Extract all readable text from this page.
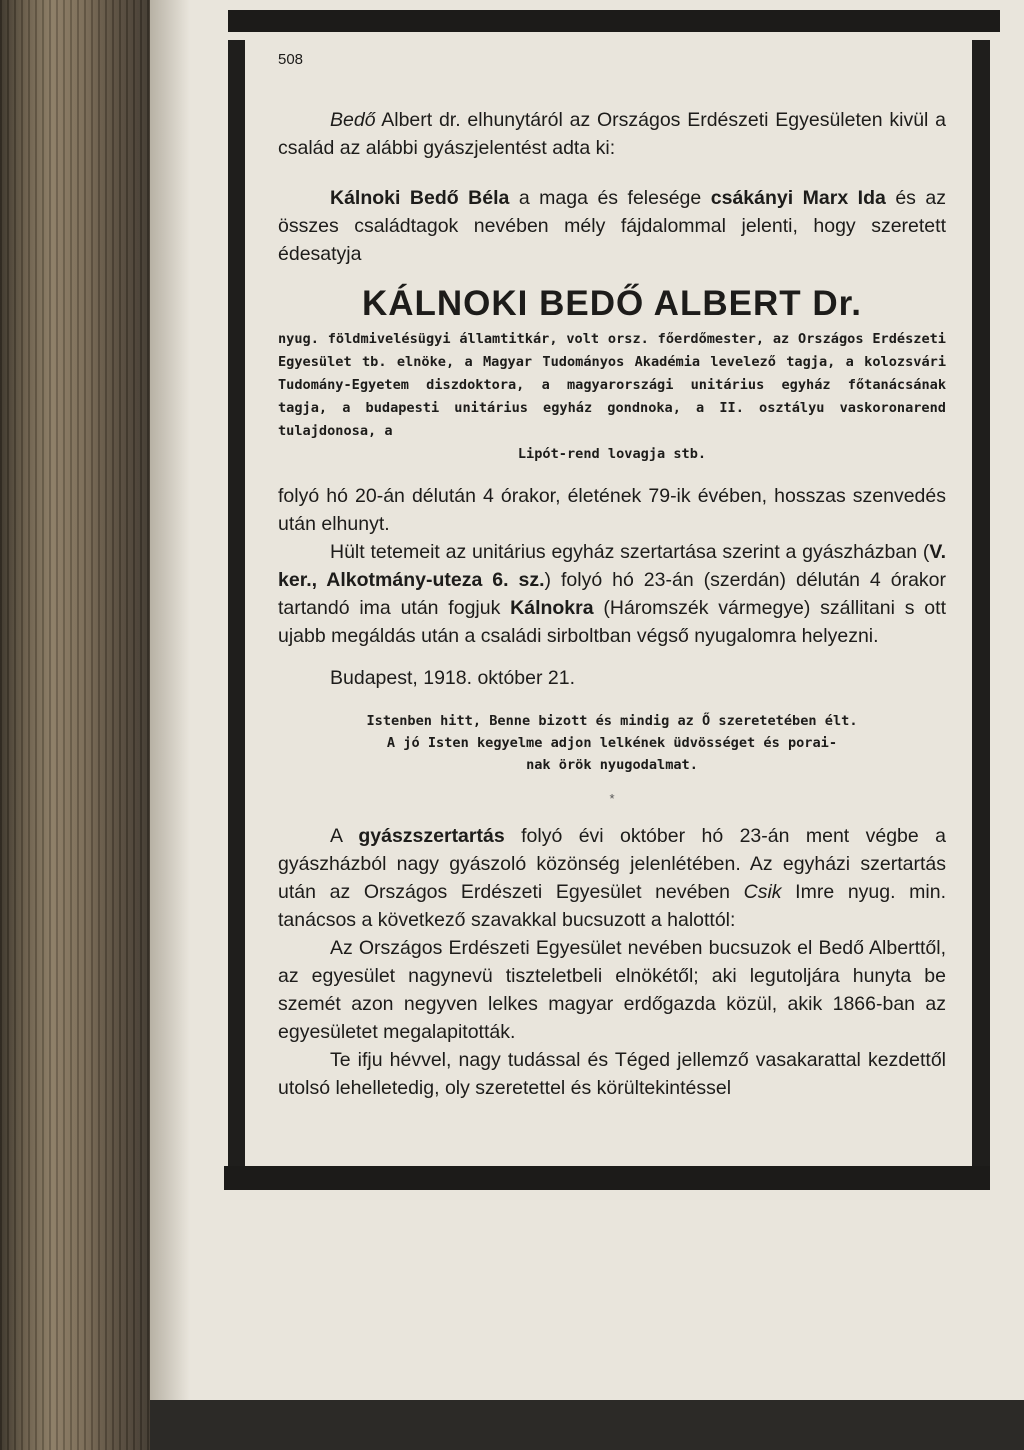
508

Bedő Albert dr. elhunytáról az Országos Erdészeti Egyesületen kivül a család az alábbi gyászjelentést adta ki:

Kálnoki Bedő Béla a maga és felesége csákányi Marx Ida és az összes családtagok nevében mély fájdalommal jelenti, hogy szeretett édesatyja

KÁLNOKI BEDŐ ALBERT Dr.
nyug. földmivelésügyi államtitkár, volt orsz. főerdőmester, az Országos Erdészeti Egyesület tb. elnöke, a Magyar Tudományos Akadémia levelező tagja, a kolozsvári Tudomány-Egyetem diszdoktora, a magyarországi unitárius egyház főtanácsának tagja, a budapesti unitárius egyház gondnoka, a II. osztályu vaskoronarend tulajdonosa, a
Lipót-rend lovagja stb.

folyó hó 20-án délután 4 órakor, életének 79-ik évében, hosszas szenvedés után elhunyt.

Hült tetemeit az unitárius egyház szertartása szerint a gyászházban (V. ker., Alkotmány-uteza 6. sz.) folyó hó 23-án (szerdán) délután 4 órakor tartandó ima után fogjuk Kálnokra (Háromszék vármegye) szállitani s ott ujabb megáldás után a családi sirboltban végső nyugalomra helyezni.

Budapest, 1918. október 21.

Istenben hitt, Benne bizott és mindig az Ő szeretetében élt.
A jó Isten kegyelme adjon lelkének üdvösséget és porai-
nak örök nyugodalmat.
*

A gyászszertartás folyó évi október hó 23-án ment végbe a gyászházból nagy gyászoló közönség jelenlétében. Az egyházi szertartás után az Országos Erdészeti Egyesület nevében Csik Imre nyug. min. tanácsos a következő szavakkal bucsuzott a halottól:

Az Országos Erdészeti Egyesület nevében bucsuzok el Bedő Alberttől, az egyesület nagynevü tiszteletbeli elnökétől; aki legutoljára hunyta be szemét azon negyven lelkes magyar erdőgazda közül, akik 1866-ban az egyesületet megalapitották.

Te ifju hévvel, nagy tudással és Téged jellemző vasakarattal kezdettől utolsó lehelletedig, oly szeretettel és körültekintéssel
